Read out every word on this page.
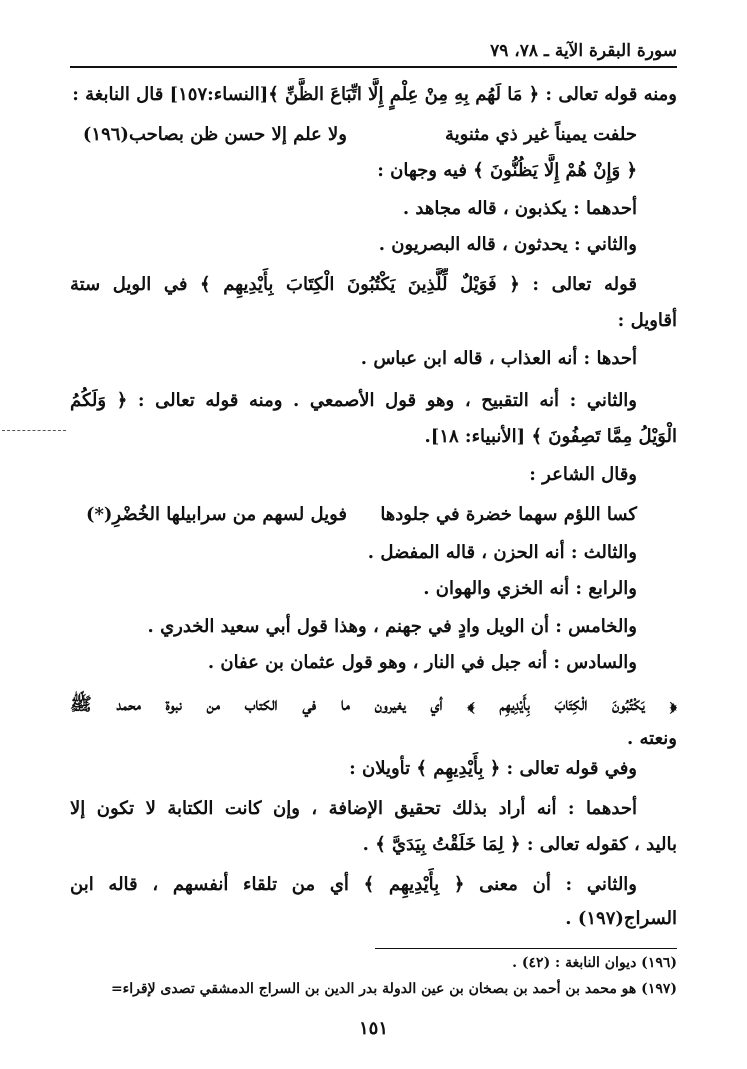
سورة البقرة الآية ـ ٧٨، ٧٩
ومنه قوله تعالى : ﴿ مَا لَهُم بِهِ مِنْ عِلْمٍ إِلَّا اتِّبَاعَ الظَّنِّ ﴾[النساء:١٥٧] قال النابغة :
حلفت يميناً غير ذي مثنوية
ولا علم إلا حسن ظن بصاحب(١٩٦)
﴿ وَإِنْ هُمْ إِلَّا يَظُنُّونَ ﴾ فيه وجهان :
أحدهما : يكذبون ، قاله مجاهد .
والثاني : يحدثون ، قاله البصريون .
قوله تعالى : ﴿ فَوَيْلٌ لِّلَّذِينَ يَكْتُبُونَ الْكِتَابَ بِأَيْدِيهِم ﴾ في الويل ستة
أقاويل :
أحدها : أنه العذاب ، قاله ابن عباس .
والثاني : أنه التقبيح ، وهو قول الأصمعي . ومنه قوله تعالى : ﴿ وَلَكُمُ
الْوَيْلُ مِمَّا تَصِفُونَ ﴾ [الأنبياء: ١٨].
وقال الشاعر :
كسا اللؤم سهما خضرة في جلودها
فويل لسهم من سرابيلها الخُضْرِ(*)
والثالث : أنه الحزن ، قاله المفضل .
والرابع : أنه الخزي والهوان .
والخامس : أن الويل وادٍ في جهنم ، وهذا قول أبي سعيد الخدري .
والسادس : أنه جبل في النار ، وهو قول عثمان بن عفان .
﴿ يَكْتُبُونَ الْكِتَابَ بِأَيْدِيهِم ﴾ أي يغيرون ما في الكتاب من نبوة محمد ﷺ
ونعته .
وفي قوله تعالى : ﴿ بِأَيْدِيهِم ﴾ تأويلان :
أحدهما : أنه أراد بذلك تحقيق الإضافة ، وإن كانت الكتابة لا تكون إلا
باليد ، كقوله تعالى : ﴿ لِمَا خَلَقْتُ بِيَدَيَّ ﴾ .
والثاني : أن معنى ﴿ بِأَيْدِيهِم ﴾ أي من تلقاء أنفسهم ، قاله ابن
السراج(١٩٧) .
(١٩٦) ديوان النابغة : (٤٢) .
(١٩٧) هو محمد بن أحمد بن بصخان بن عين الدولة بدر الدين بن السراج الدمشقي تصدى لإقراء=
١٥١
